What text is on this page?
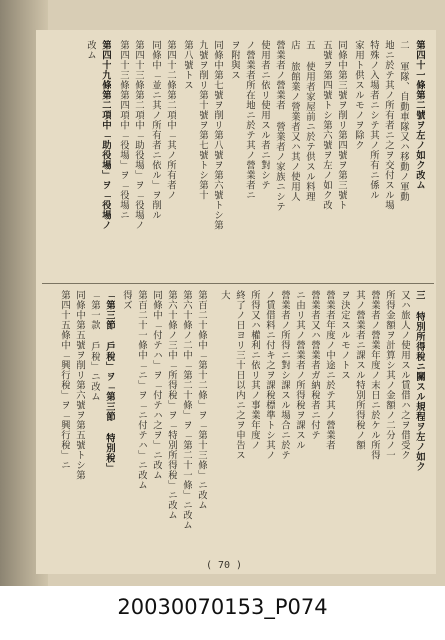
第四十一條第二號ヲ左ノ如ク改ム
二 軍隊、自動車隊又ハ移動ノ軍動
地ニ於テ其ノ所有者ニ之ヲ交付スル場
特殊ノ入場者ニシテ其ノ所有ニ係ル
家用ト供スルモノヲ除ク
同條中第三號ヲ削リ第四號ヲ第三號ト
五號ヲ第四號トシ第六號ヲ左ノ如ク改
五 使用者家屋前ニ於テ供スル料理
店 旅館業ノ營業者又ハ其ノ使用人
營業者ノ營業者 營業者ノ家族ニシテ
使用者ニ依リ使用スル者ニ對シテ
ノ營業者所在地ニ於テ其ノ營業者ニ
ヲ附與ス
同條中第七號ヲ削リ第八號ヲ第六號トシ第
九號ヲ削リ第十號ヲ第七號トシ第十
第八號トス
第四十二條第二項中「其ノ所有者ノ
同條中「並ニ其ノ所有者ニ依ル」ヲ削ル
第四十三條第二項中「助役場」ヲ「役場ノ
第四十三條第四項中「役場」ヲ「役場ニ
第四十九條第二項中「助役場」ヲ「役場ノ
改ム
三 特別所得稅ニ關スル規程ヲ左ノ如ク
又ハ旅人ノ使用スル賃借ハ之ヲ借受ク
所得金額ヲ計算シ其ノ金額ノ二分ノ一
營業者ノ營業年度ノ末日ニ於ケル所得
其ノ營業者ニ課スル特別所得稅ノ額
ヲ決定スルモノトス
營業者年度ノ中途ニ於テ其ノ營業者
營業者又ハ營業者ガ納稅者ニ付テ
ニ由リ其ノ營業者ノ所得稅ヲ課スル
營業者ノ所得ニ對シ課スル場合ニ於テ
ノ賃借料ニ付キ之ヲ課稅標準トシ其ノ
所得又ハ權利ニ依リ其ノ事業年度ノ
終了ノ日ヨリ三十日以内ニ之ヲ申告ス
大
第百二十條中「第十二條」ヲ「第十三條」ニ改ム
第六十條ノ二中「第二十條」ヲ「第二十一條」ニ改ム
第六十條ノ三中「所得稅」ヲ「特別所得稅」ニ改ム
同條中「付テハ」ヲ「付テハ之ヲ」ニ改ム
第百二十一條中「ニ」ヲ「ニ付テハ」ニ改ム
得ズ
「第三節 戶稅」ヲ「第三節 特別稅」
「第一款 戶稅」ニ改ム
同條中第五號ヲ削リ第六號ヲ第五號トシ第
第四十五條中「興行稅」ヲ「興行稅」ニ
( 70 )
20030070153_P074
